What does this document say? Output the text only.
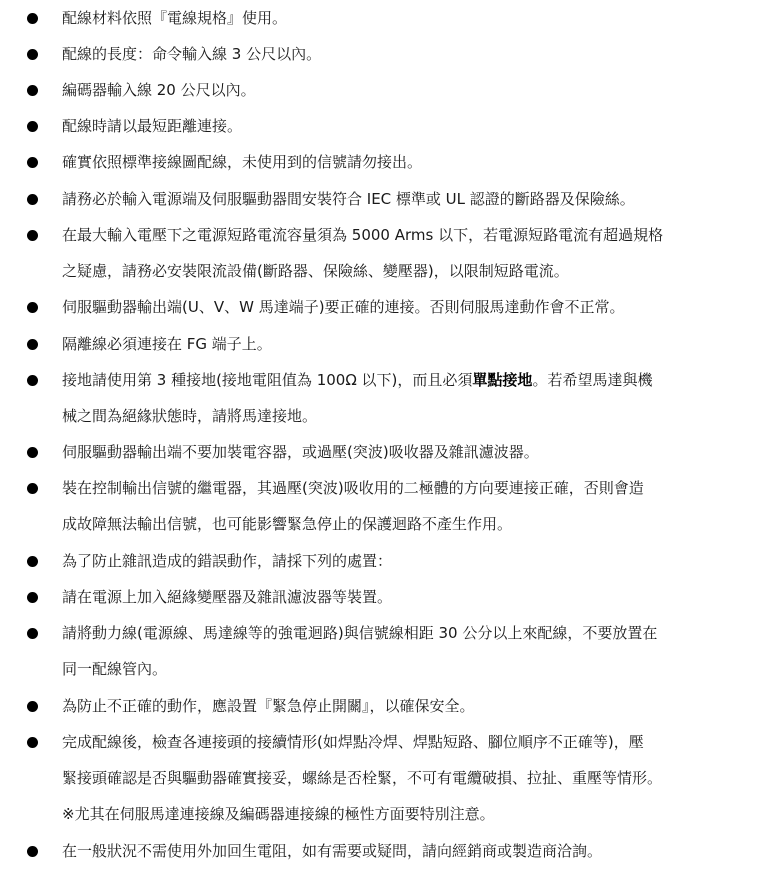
配線材料依照『電線規格』使用。
配線的長度：命令輸入線 3 公尺以內。
編碼器輸入線 20 公尺以內。
配線時請以最短距離連接。
確實依照標準接線圖配線，未使用到的信號請勿接出。
請務必於輸入電源端及伺服驅動器間安裝符合 IEC 標準或 UL 認證的斷路器及保險絲。
在最大輸入電壓下之電源短路電流容量須為 5000 Arms 以下，若電源短路電流有超過規格
之疑慮，請務必安裝限流設備(斷路器、保險絲、變壓器)，以限制短路電流。
伺服驅動器輸出端(U、V、W 馬達端子)要正確的連接。否則伺服馬達動作會不正常。
隔離線必須連接在 FG 端子上。
接地請使用第 3 種接地(接地電阻值為 100Ω 以下)，而且必須單點接地。若希望馬達與機
械之間為絕緣狀態時，請將馬達接地。
伺服驅動器輸出端不要加裝電容器，或過壓(突波)吸收器及雜訊濾波器。
裝在控制輸出信號的繼電器，其過壓(突波)吸收用的二極體的方向要連接正確，否則會造
成故障無法輸出信號，也可能影響緊急停止的保護迴路不產生作用。
為了防止雜訊造成的錯誤動作，請採下列的處置：
請在電源上加入絕緣變壓器及雜訊濾波器等裝置。
請將動力線(電源線、馬達線等的強電迴路)與信號線相距 30 公分以上來配線，不要放置在
同一配線管內。
為防止不正確的動作，應設置『緊急停止開關』，以確保安全。
完成配線後，檢查各連接頭的接續情形(如焊點冷焊、焊點短路、腳位順序不正確等)，壓
緊接頭確認是否與驅動器確實接妥，螺絲是否栓緊，不可有電纜破損、拉扯、重壓等情形。
※尤其在伺服馬達連接線及編碼器連接線的極性方面要特別注意。
在一般狀況不需使用外加回生電阻，如有需要或疑問，請向經銷商或製造商洽詢。
